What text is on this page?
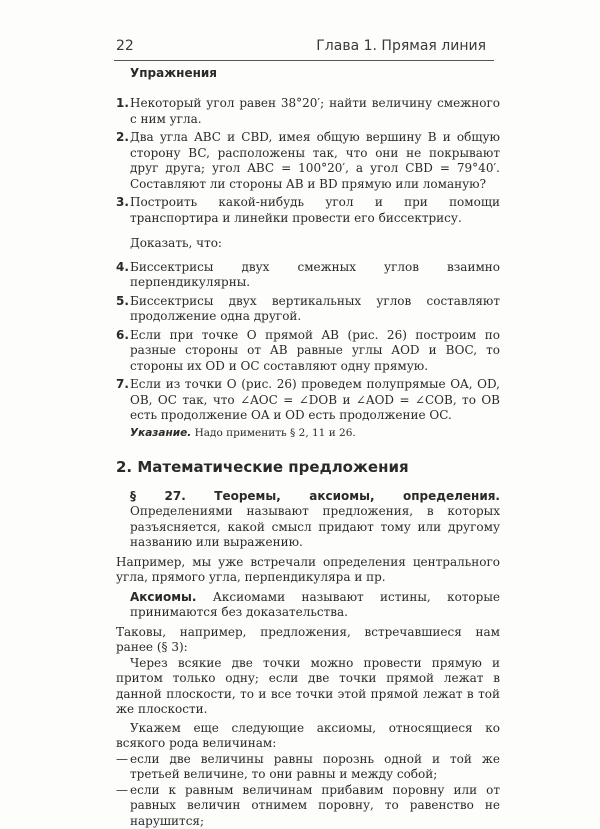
22	Глава 1. Прямая линия
Упражнения
1. Некоторый угол равен 38°20′; найти величину смежного с ним угла.
2. Два угла ABC и CBD, имея общую вершину B и общую сторону BC, расположены так, что они не покрывают друг друга; угол ABC = 100°20′, а угол CBD = 79°40′. Составляют ли стороны AB и BD прямую или ломаную?
3. Построить какой-нибудь угол и при помощи транспортира и линейки провести его биссектрису.
Доказать, что:
4. Биссектрисы двух смежных углов взаимно перпендикулярны.
5. Биссектрисы двух вертикальных углов составляют продолжение одна другой.
6. Если при точке O прямой AB (рис. 26) построим по разные стороны от AB равные углы AOD и BOC, то стороны их OD и OC составляют одну прямую.
7. Если из точки O (рис. 26) проведем полупрямые OA, OD, OB, OC так, что ∠AOC = ∠DOB и ∠AOD = ∠COB, то OB есть продолжение OA и OD есть продолжение OC.
Указание. Надо применить § 2, 11 и 26.
2. Математические предложения
§ 27. Теоремы, аксиомы, определения. Определениями называют предложения, в которых разъясняется, какой смысл придают тому или другому названию или выражению.
Например, мы уже встречали определения центрального угла, прямого угла, перпендикуляра и пр.
Аксиомы. Аксиомами называют истины, которые принимаются без доказательства.
Таковы, например, предложения, встречавшиеся нам ранее (§ 3):
Через всякие две точки можно провести прямую и притом только одну; если две точки прямой лежат в данной плоскости, то и все точки этой прямой лежат в той же плоскости.
Укажем еще следующие аксиомы, относящиеся ко всякого рода величинам:
— если две величины равны порознь одной и той же третьей величине, то они равны и между собой;
— если к равным величинам прибавим поровну или от равных величин отнимем поровну, то равенство не нарушится;
